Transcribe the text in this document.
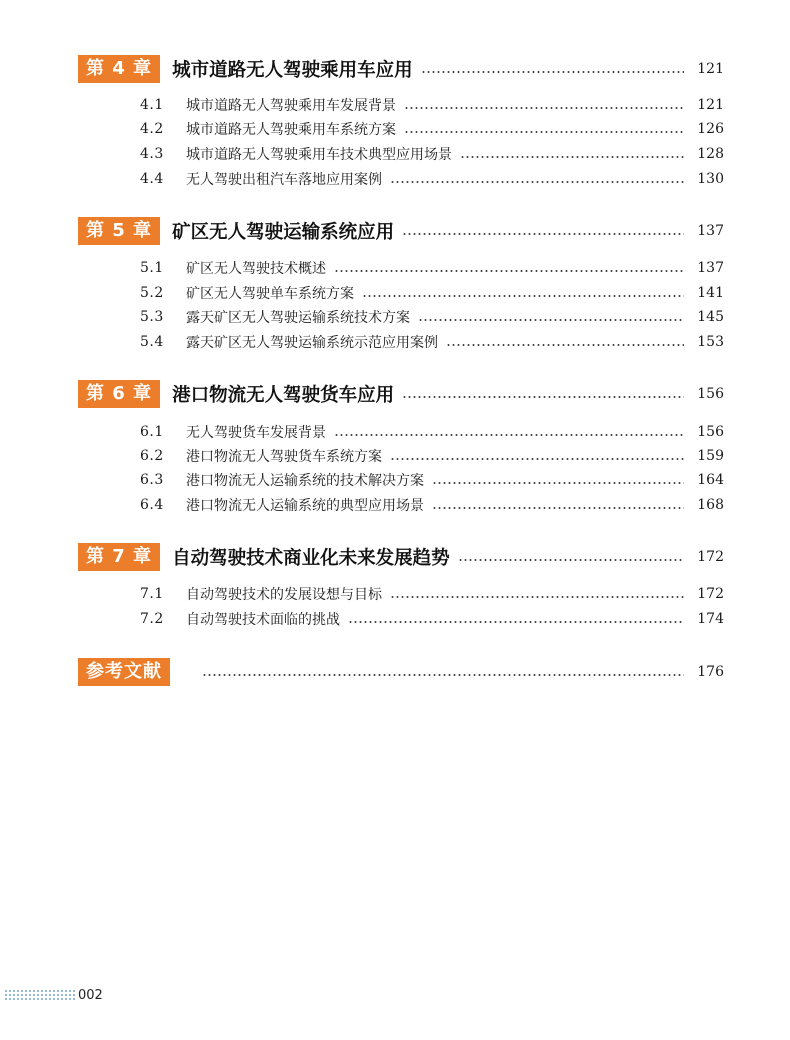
第 4 章	城市道路无人驾驶乘用车应用	121
4.1	城市道路无人驾驶乘用车发展背景	121
4.2	城市道路无人驾驶乘用车系统方案	126
4.3	城市道路无人驾驶乘用车技术典型应用场景	128
4.4	无人驾驶出租汽车落地应用案例	130
第 5 章	矿区无人驾驶运输系统应用	137
5.1	矿区无人驾驶技术概述	137
5.2	矿区无人驾驶单车系统方案	141
5.3	露天矿区无人驾驶运输系统技术方案	145
5.4	露天矿区无人驾驶运输系统示范应用案例	153
第 6 章	港口物流无人驾驶货车应用	156
6.1	无人驾驶货车发展背景	156
6.2	港口物流无人驾驶货车系统方案	159
6.3	港口物流无人运输系统的技术解决方案	164
6.4	港口物流无人运输系统的典型应用场景	168
第 7 章	自动驾驶技术商业化未来发展趋势	172
7.1	自动驾驶技术的发展设想与目标	172
7.2	自动驾驶技术面临的挑战	174
参考文献	176
002
